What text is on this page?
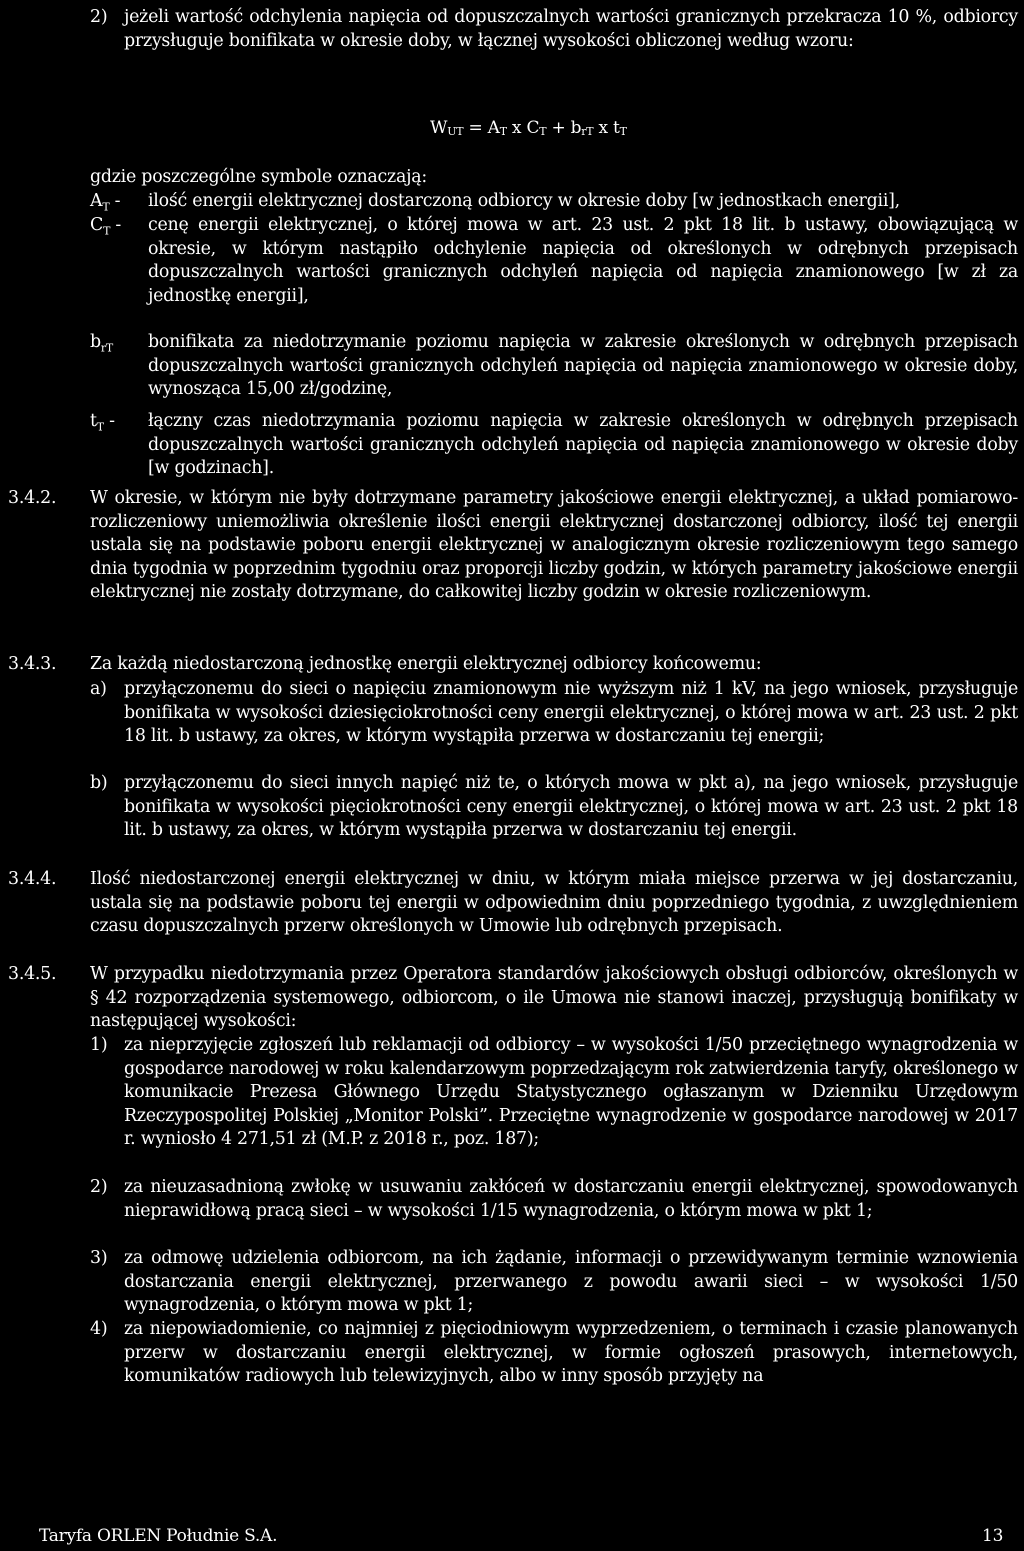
2) jeżeli wartość odchylenia napięcia od dopuszczalnych wartości granicznych przekracza 10 %, odbiorcy przysługuje bonifikata w okresie doby, w łącznej wysokości obliczonej według wzoru:

$W_{UT} = A_T$ x $C_T + b_{rT}$ x $t_T$

gdzie poszczególne symbole oznaczają:

$A_T$ - ilość energii elektrycznej dostarczoną odbiorcy w okresie doby [w jednostkach energii],

$C_T$ - cenę energii elektrycznej, o której mowa w art. 23 ust. 2 pkt 18 lit. b ustawy, obowiązującą w okresie, w którym nastąpiło odchylenie napięcia od określonych w odrębnych przepisach dopuszczalnych wartości granicznych odchyleń napięcia od napięcia znamionowego [w zł za jednostkę energii],

$b_{rT}$ bonifikata za niedotrzymanie poziomu napięcia w zakresie określonych w odrębnych przepisach dopuszczalnych wartości granicznych odchyleń napięcia od napięcia znamionowego w okresie doby, wynosząca 15,00 zł/godzinę,

$t_T$ - łączny czas niedotrzymania poziomu napięcia w zakresie określonych w odrębnych przepisach dopuszczalnych wartości granicznych odchyleń napięcia od napięcia znamionowego w okresie doby [w godzinach].

3.4.2. W okresie, w którym nie były dotrzymane parametry jakościowe energii elektrycznej, a układ pomiarowo-rozliczeniowy uniemożliwia określenie ilości energii elektrycznej dostarczonej odbiorcy, ilość tej energii ustala się na podstawie poboru energii elektrycznej w analogicznym okresie rozliczeniowym tego samego dnia tygodnia w poprzednim tygodniu oraz proporcji liczby godzin, w których parametry jakościowe energii elektrycznej nie zostały dotrzymane, do całkowitej liczby godzin w okresie rozliczeniowym.

3.4.3. Za każdą niedostarczoną jednostkę energii elektrycznej odbiorcy końcowemu:

a) przyłączonemu do sieci o napięciu znamionowym nie wyższym niż 1 kV, na jego wniosek, przysługuje bonifikata w wysokości dziesięciokrotności ceny energii elektrycznej, o której mowa w art. 23 ust. 2 pkt 18 lit. b ustawy, za okres, w którym wystąpiła przerwa w dostarczaniu tej energii;

b) przyłączonemu do sieci innych napięć niż te, o których mowa w pkt a), na jego wniosek, przysługuje bonifikata w wysokości pięciokrotności ceny energii elektrycznej, o której mowa w art. 23 ust. 2 pkt 18 lit. b ustawy, za okres, w którym wystąpiła przerwa w dostarczaniu tej energii.

3.4.4. Ilość niedostarczonej energii elektrycznej w dniu, w którym miała miejsce przerwa w jej dostarczaniu, ustala się na podstawie poboru tej energii w odpowiednim dniu poprzedniego tygodnia, z uwzględnieniem czasu dopuszczalnych przerw określonych w Umowie lub odrębnych przepisach.

3.4.5. W przypadku niedotrzymania przez Operatora standardów jakościowych obsługi odbiorców, określonych w § 42 rozporządzenia systemowego, odbiorcom, o ile Umowa nie stanowi inaczej, przysługują bonifikaty w następującej wysokości:

1) za nieprzyjęcie zgłoszeń lub reklamacji od odbiorcy – w wysokości 1/50 przeciętnego wynagrodzenia w gospodarce narodowej w roku kalendarzowym poprzedzającym rok zatwierdzenia taryfy, określonego w komunikacie Prezesa Głównego Urzędu Statystycznego ogłaszanym w Dzienniku Urzędowym Rzeczypospolitej Polskiej „Monitor Polski”. Przeciętne wynagrodzenie w gospodarce narodowej w 2017 r. wyniosło 4 271,51 zł (M.P. z 2018 r., poz. 187);

2) za nieuzasadnioną zwłokę w usuwaniu zakłóceń w dostarczaniu energii elektrycznej, spowodowanych nieprawidłową pracą sieci – w wysokości 1/15 wynagrodzenia, o którym mowa w pkt 1;

3) za odmowę udzielenia odbiorcom, na ich żądanie, informacji o przewidywanym terminie wznowienia dostarczania energii elektrycznej, przerwanego z powodu awarii sieci – w wysokości 1/50 wynagrodzenia, o którym mowa w pkt 1;

4) za niepowiadomienie, co najmniej z pięciodniowym wyprzedzeniem, o terminach i czasie planowanych przerw w dostarczaniu energii elektrycznej, w formie ogłoszeń prasowych, internetowych, komunikatów radiowych lub telewizyjnych, albo w inny sposób przyjęty na

Taryfa ORLEN Południe S.A.	13
